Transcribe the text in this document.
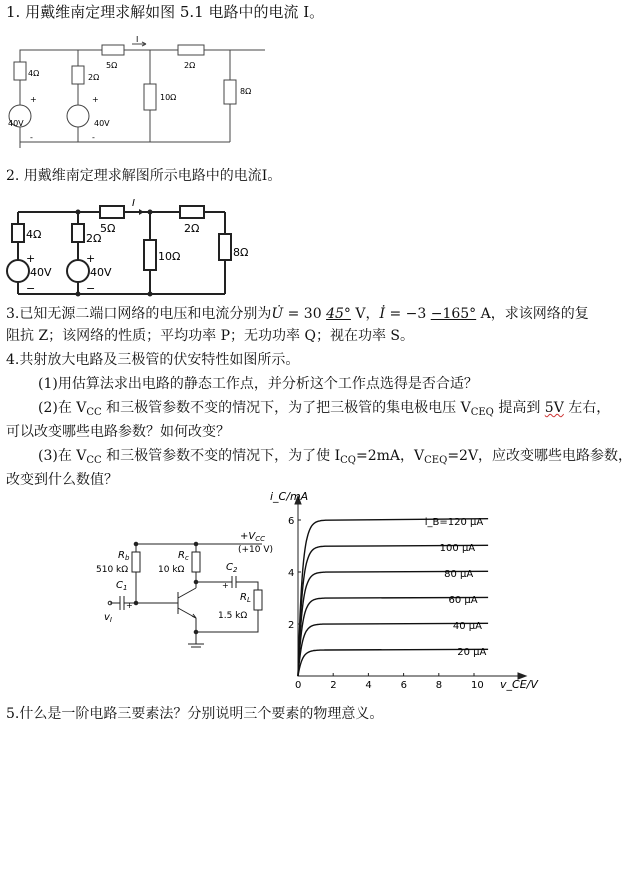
1. 用戴维南定理求解如图 5.1 电路中的电流 I。
4Ω	2Ω
5Ω	2Ω
10Ω
8Ω
40V	40V
I
+
-
+
-
2. 用戴维南定理求解图所示电路中的电流I。
4Ω	2Ω
5Ω	2Ω
10Ω	8Ω
40V	40V
I
+
−
+
−
3.已知无源二端口网络的电压和电流分别为U̇ = 30 45° V，İ = −3 −165° A，求该网络的复
阻抗 Z；该网络的性质；平均功率 P；无功功率 Q；视在功率 S。
4.共射放大电路及三极管的伏安特性如图所示。
(1)用估算法求出电路的静态工作点，并分析这个工作点选得是否合适？
(2)在 $V_{CC}$ 和三极管参数不变的情况下，为了把三极管的集电极电压 $V_{CEQ}$ 提高到 5V 左右，
可以改变哪些电路参数？如何改变？
(3)在 $V_{CC}$ 和三极管参数不变的情况下，为了使 $I_{CQ}=2mA$，$V_{CEQ}=2V$，应改变哪些电路参数，
改变到什么数值？
$+V_{CC}$
(+10 V)
$R_b$
510 kΩ
$R_c$
10 kΩ
$C_1$
$C_2$
$R_L$
1.5 kΩ
$v_I$
+
+
i_B=120 μA
100 μA
80 μA
60 μA
40 μA
20 μA
0	2	4	6	8	10
2
4
6
i_C/mA
v_CE/V
5.什么是一阶电路三要素法？分别说明三个要素的物理意义。
